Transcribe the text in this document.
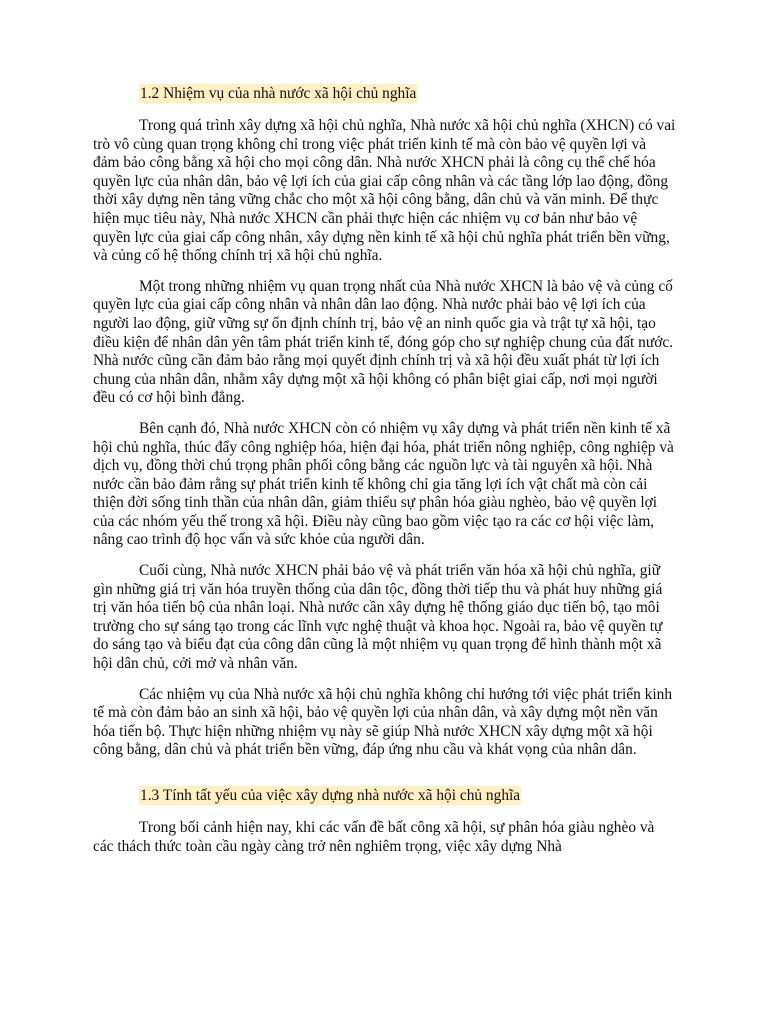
1.2 Nhiệm vụ của nhà nước xã hội chủ nghĩa

Trong quá trình xây dựng xã hội chủ nghĩa, Nhà nước xã hội chủ nghĩa (XHCN) có vai trò vô cùng quan trọng không chỉ trong việc phát triển kinh tế mà còn bảo vệ quyền lợi và đảm bảo công bằng xã hội cho mọi công dân. Nhà nước XHCN phải là công cụ thể chế hóa quyền lực của nhân dân, bảo vệ lợi ích của giai cấp công nhân và các tầng lớp lao động, đồng thời xây dựng nền tảng vững chắc cho một xã hội công bằng, dân chủ và văn minh. Để thực hiện mục tiêu này, Nhà nước XHCN cần phải thực hiện các nhiệm vụ cơ bản như bảo vệ quyền lực của giai cấp công nhân, xây dựng nền kinh tế xã hội chủ nghĩa phát triển bền vững, và củng cố hệ thống chính trị xã hội chủ nghĩa.

Một trong những nhiệm vụ quan trọng nhất của Nhà nước XHCN là bảo vệ và củng cố quyền lực của giai cấp công nhân và nhân dân lao động. Nhà nước phải bảo vệ lợi ích của người lao động, giữ vững sự ổn định chính trị, bảo vệ an ninh quốc gia và trật tự xã hội, tạo điều kiện để nhân dân yên tâm phát triển kinh tế, đóng góp cho sự nghiệp chung của đất nước. Nhà nước cũng cần đảm bảo rằng mọi quyết định chính trị và xã hội đều xuất phát từ lợi ích chung của nhân dân, nhằm xây dựng một xã hội không có phân biệt giai cấp, nơi mọi người đều có cơ hội bình đẳng.

Bên cạnh đó, Nhà nước XHCN còn có nhiệm vụ xây dựng và phát triển nền kinh tế xã hội chủ nghĩa, thúc đẩy công nghiệp hóa, hiện đại hóa, phát triển nông nghiệp, công nghiệp và dịch vụ, đồng thời chú trọng phân phối công bằng các nguồn lực và tài nguyên xã hội. Nhà nước cần bảo đảm rằng sự phát triển kinh tế không chỉ gia tăng lợi ích vật chất mà còn cải thiện đời sống tinh thần của nhân dân, giảm thiểu sự phân hóa giàu nghèo, bảo vệ quyền lợi của các nhóm yếu thế trong xã hội. Điều này cũng bao gồm việc tạo ra các cơ hội việc làm, nâng cao trình độ học vấn và sức khỏe của người dân.

Cuối cùng, Nhà nước XHCN phải bảo vệ và phát triển văn hóa xã hội chủ nghĩa, giữ gìn những giá trị văn hóa truyền thống của dân tộc, đồng thời tiếp thu và phát huy những giá trị văn hóa tiến bộ của nhân loại. Nhà nước cần xây dựng hệ thống giáo dục tiến bộ, tạo môi trường cho sự sáng tạo trong các lĩnh vực nghệ thuật và khoa học. Ngoài ra, bảo vệ quyền tự do sáng tạo và biểu đạt của công dân cũng là một nhiệm vụ quan trọng để hình thành một xã hội dân chủ, cởi mở và nhân văn.

Các nhiệm vụ của Nhà nước xã hội chủ nghĩa không chỉ hướng tới việc phát triển kinh tế mà còn đảm bảo an sinh xã hội, bảo vệ quyền lợi của nhân dân, và xây dựng một nền văn hóa tiến bộ. Thực hiện những nhiệm vụ này sẽ giúp Nhà nước XHCN xây dựng một xã hội công bằng, dân chủ và phát triển bền vững, đáp ứng nhu cầu và khát vọng của nhân dân.

1.3 Tính tất yếu của việc xây dựng nhà nước xã hội chủ nghĩa

Trong bối cảnh hiện nay, khi các vấn đề bất công xã hội, sự phân hóa giàu nghèo và các thách thức toàn cầu ngày càng trở nên nghiêm trọng, việc xây dựng Nhà
